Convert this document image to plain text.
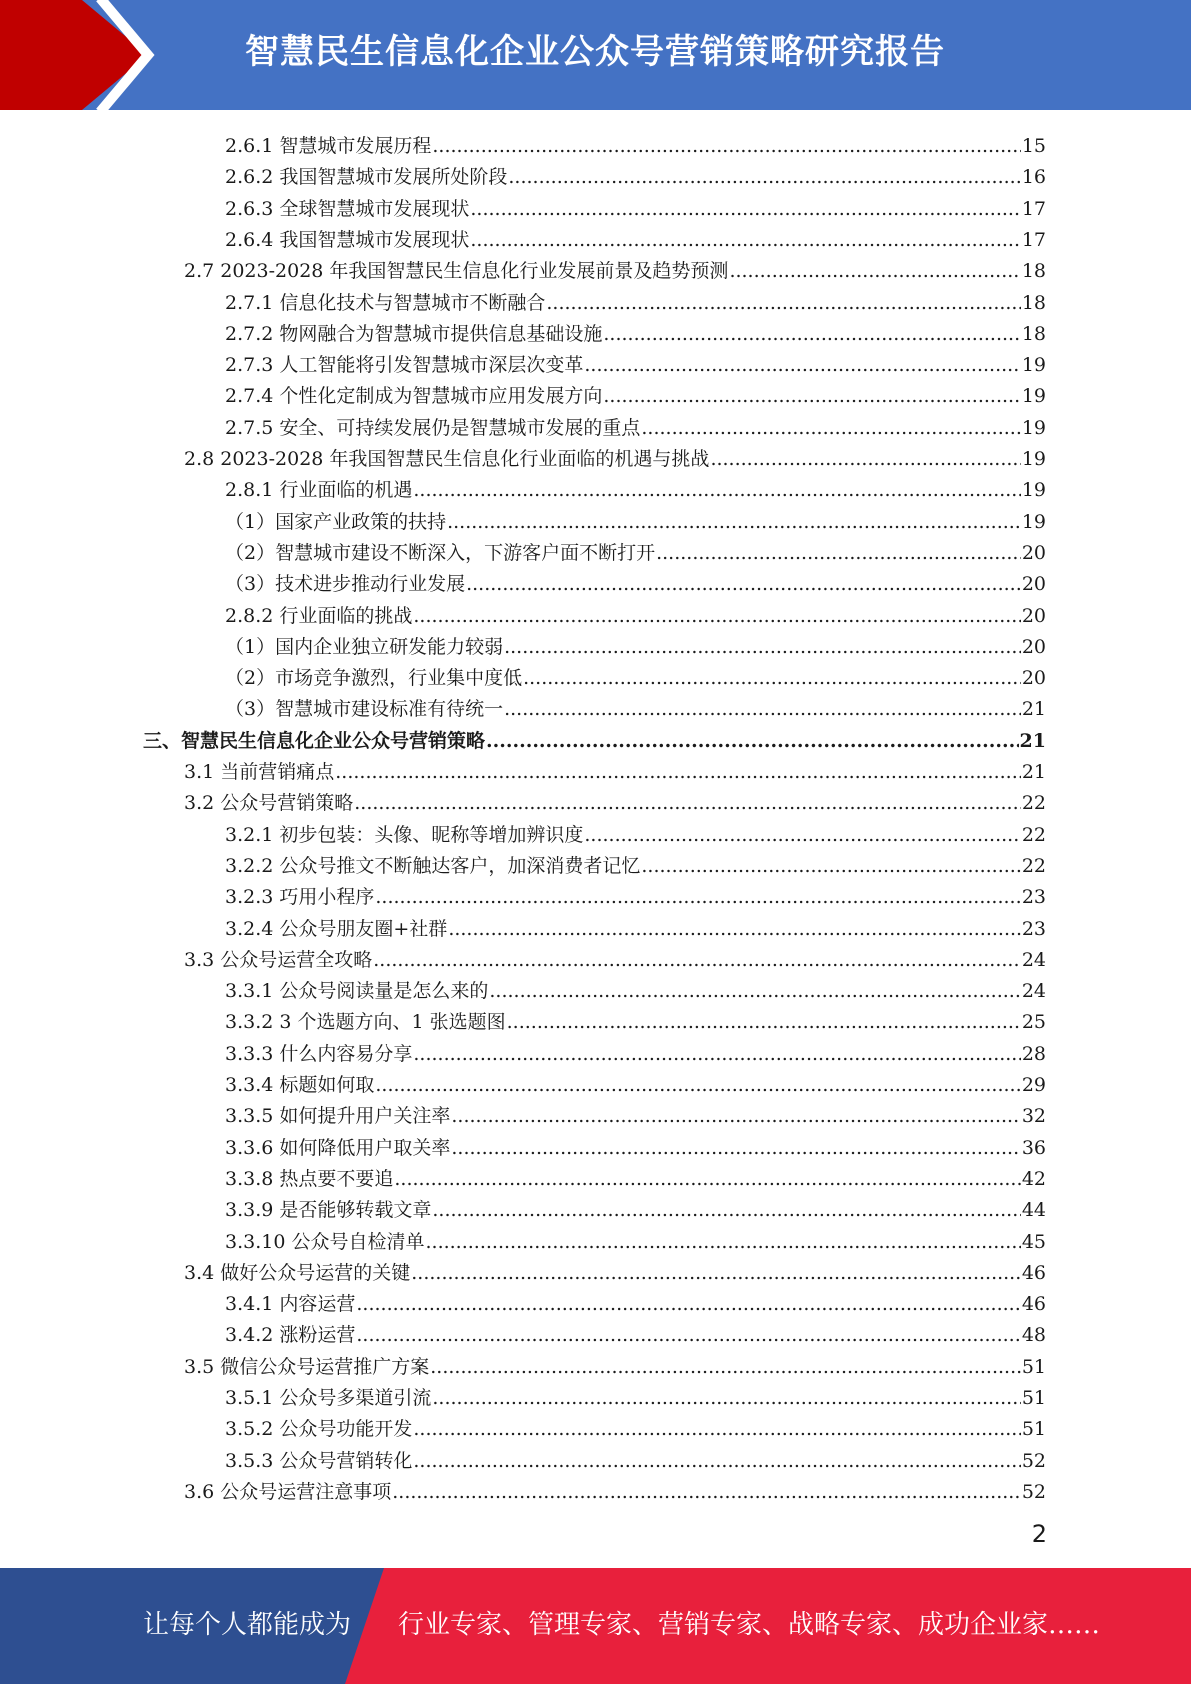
智慧民生信息化企业公众号营销策略研究报告
2.6.1 智慧城市发展历程 .....	15
2.6.2 我国智慧城市发展所处阶段 .....	16
2.6.3 全球智慧城市发展现状 .....	17
2.6.4 我国智慧城市发展现状 .....	17
2.7 2023-2028 年我国智慧民生信息化行业发展前景及趋势预测 .....	18
2.7.1 信息化技术与智慧城市不断融合 .....	18
2.7.2 物网融合为智慧城市提供信息基础设施 .....	18
2.7.3 人工智能将引发智慧城市深层次变革 .....	19
2.7.4 个性化定制成为智慧城市应用发展方向 .....	19
2.7.5 安全、可持续发展仍是智慧城市发展的重点 .....	19
2.8 2023-2028 年我国智慧民生信息化行业面临的机遇与挑战 .....	19
2.8.1 行业面临的机遇 .....	19
（1）国家产业政策的扶持 .....	19
（2）智慧城市建设不断深入，下游客户面不断打开 .....	20
（3）技术进步推动行业发展 .....	20
2.8.2 行业面临的挑战 .....	20
（1）国内企业独立研发能力较弱 .....	20
（2）市场竞争激烈，行业集中度低 .....	20
（3）智慧城市建设标准有待统一 .....	21
三、智慧民生信息化企业公众号营销策略 .....	21
3.1 当前营销痛点 .....	21
3.2 公众号营销策略 .....	22
3.2.1 初步包装：头像、昵称等增加辨识度 .....	22
3.2.2 公众号推文不断触达客户，加深消费者记忆 .....	22
3.2.3 巧用小程序 .....	23
3.2.4 公众号朋友圈+社群 .....	23
3.3 公众号运营全攻略 .....	24
3.3.1 公众号阅读量是怎么来的 .....	24
3.3.2 3 个选题方向、1 张选题图 .....	25
3.3.3 什么内容易分享 .....	28
3.3.4 标题如何取 .....	29
3.3.5 如何提升用户关注率 .....	32
3.3.6 如何降低用户取关率 .....	36
3.3.8 热点要不要追 .....	42
3.3.9 是否能够转载文章 .....	44
3.3.10 公众号自检清单 .....	45
3.4 做好公众号运营的关键 .....	46
3.4.1 内容运营 .....	46
3.4.2 涨粉运营 .....	48
3.5 微信公众号运营推广方案 .....	51
3.5.1 公众号多渠道引流 .....	51
3.5.2 公众号功能开发 .....	51
3.5.3 公众号营销转化 .....	52
3.6 公众号运营注意事项 .....	52
2
让每个人都能成为 行业专家、管理专家、营销专家、战略专家、成功企业家……
